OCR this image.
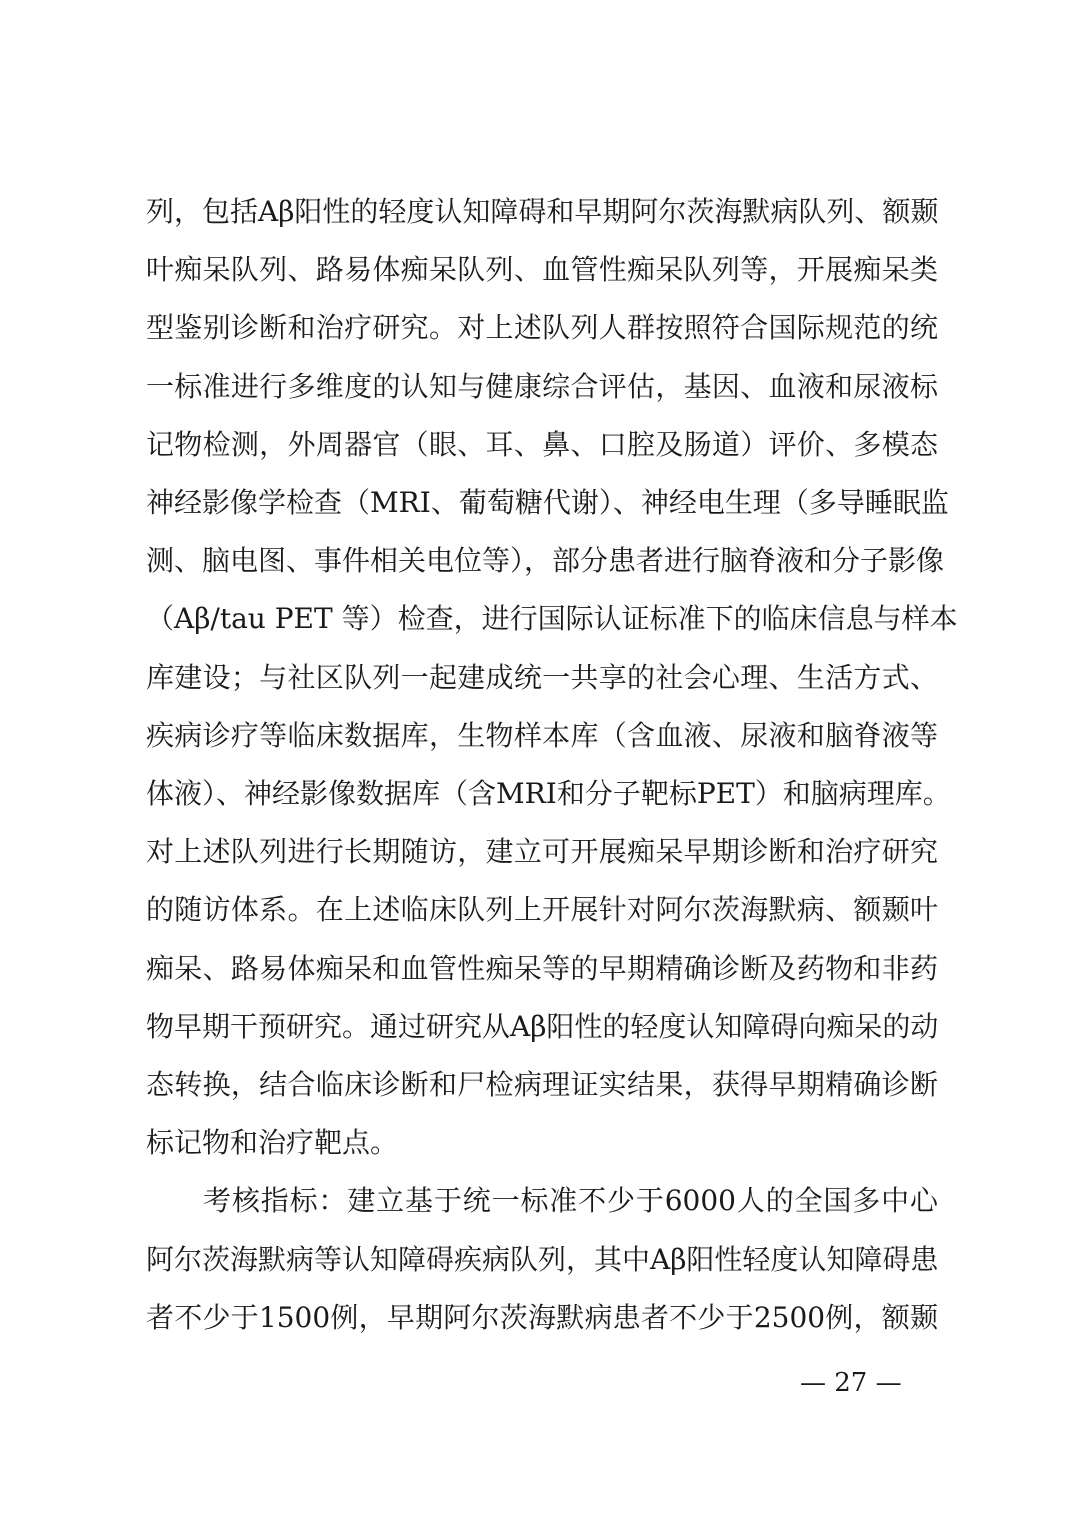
列，包括Aβ阳性的轻度认知障碍和早期阿尔茨海默病队列、额颞
叶痴呆队列、路易体痴呆队列、血管性痴呆队列等，开展痴呆类
型鉴别诊断和治疗研究。对上述队列人群按照符合国际规范的统
一标准进行多维度的认知与健康综合评估，基因、血液和尿液标
记物检测，外周器官（眼、耳、鼻、口腔及肠道）评价、多模态
神经影像学检查（MRI、葡萄糖代谢）、神经电生理（多导睡眠监
测、脑电图、事件相关电位等），部分患者进行脑脊液和分子影像
（Aβ/tau PET 等）检查，进行国际认证标准下的临床信息与样本
库建设；与社区队列一起建成统一共享的社会心理、生活方式、
疾病诊疗等临床数据库，生物样本库（含血液、尿液和脑脊液等
体液）、神经影像数据库（含MRI和分子靶标PET）和脑病理库。
对上述队列进行长期随访，建立可开展痴呆早期诊断和治疗研究
的随访体系。在上述临床队列上开展针对阿尔茨海默病、额颞叶
痴呆、路易体痴呆和血管性痴呆等的早期精确诊断及药物和非药
物早期干预研究。通过研究从Aβ阳性的轻度认知障碍向痴呆的动
态转换，结合临床诊断和尸检病理证实结果，获得早期精确诊断
标记物和治疗靶点。
考核指标：建立基于统一标准不少于6000人的全国多中心
阿尔茨海默病等认知障碍疾病队列，其中Aβ阳性轻度认知障碍患
者不少于1500例，早期阿尔茨海默病患者不少于2500例，额颞
— 27 —
